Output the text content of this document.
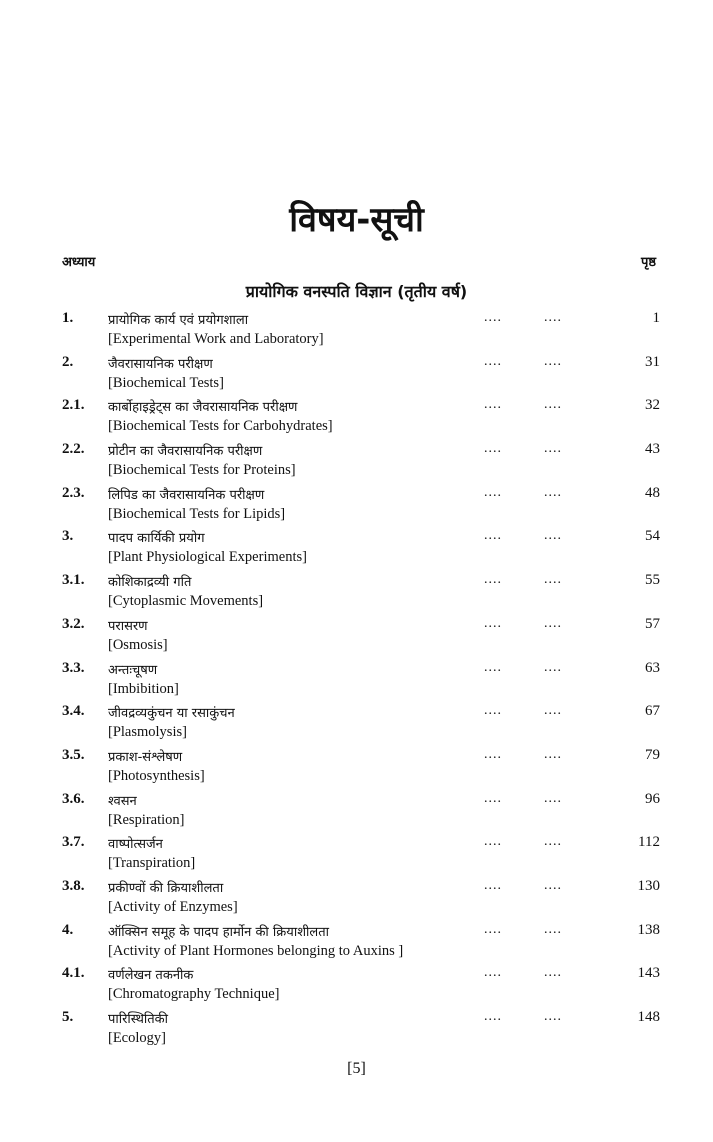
विषय-सूची
अध्याय	पृष्ठ
प्रायोगिक वनस्पति विज्ञान (तृतीय वर्ष)
1.	प्रायोगिक कार्य एवं प्रयोगशाला
[Experimental Work and Laboratory]
....	....	1
2.	जैवरासायनिक परीक्षण
[Biochemical Tests]
....	....	31
2.1. कार्बोहाइड्रेट्स का जैवरासायनिक परीक्षण
[Biochemical Tests for Carbohydrates]
....	....	32
2.2. प्रोटीन का जैवरासायनिक परीक्षण
[Biochemical Tests for Proteins]
....	....	43
2.3. लिपिड का जैवरासायनिक परीक्षण
[Biochemical Tests for Lipids]
....	....	48
3.	पादप कार्यिकी प्रयोग
[Plant Physiological Experiments]
....	....	54
3.1. कोशिकाद्रव्यी गति
[Cytoplasmic Movements]
....	....	55
3.2. परासरण
[Osmosis]
....	....	57
3.3. अन्तःचूषण
[Imbibition]
....	....	63
3.4. जीवद्रव्यकुंचन या रसाकुंचन
[Plasmolysis]
....	....	67
3.5. प्रकाश-संश्लेषण
[Photosynthesis]
....	....	79
3.6. श्वसन
[Respiration]
....	....	96
3.7. वाष्पोत्सर्जन
[Transpiration]
....	....	112
3.8. प्रकीण्वों की क्रियाशीलता
[Activity of Enzymes]
....	....	130
4.	ऑक्सिन समूह के पादप हार्मोन की क्रियाशीलता
[Activity of Plant Hormones belonging to Auxins ]
....	....	138
4.1. वर्णलेखन तकनीक
[Chromatography Technique]
....	....	143
5.	पारिस्थितिकी
[Ecology]
....	....	148
[5]
